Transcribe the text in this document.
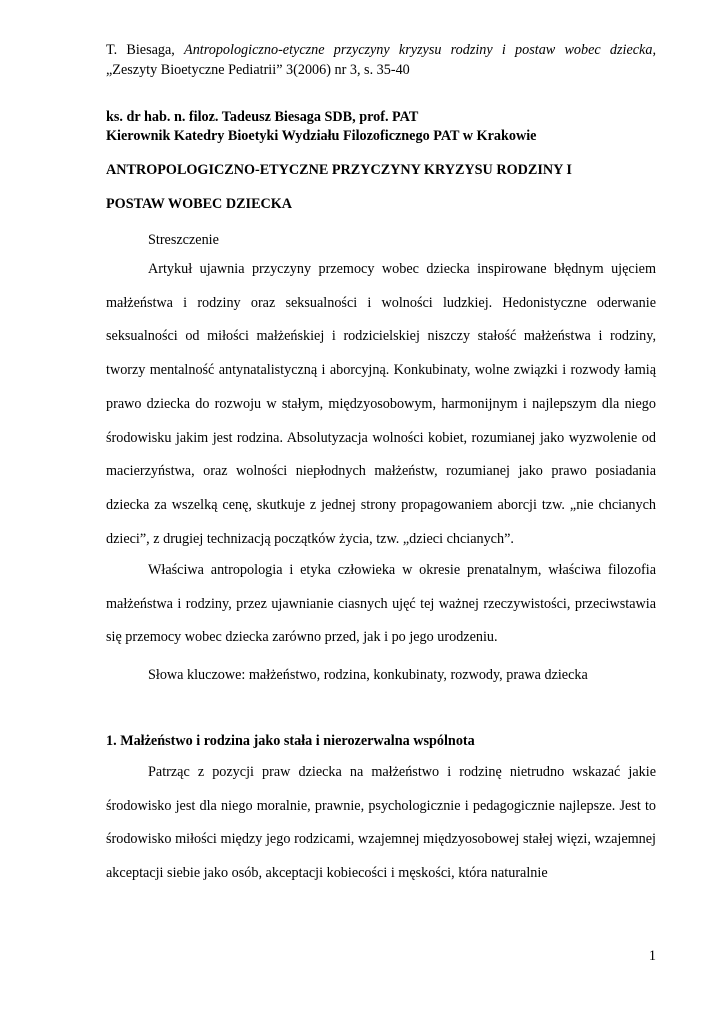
T. Biesaga, Antropologiczno-etyczne przyczyny kryzysu rodziny i postaw wobec dziecka, „Zeszyty Bioetyczne Pediatrii” 3(2006) nr 3, s. 35-40
ks. dr hab. n. filoz. Tadeusz Biesaga SDB, prof. PAT
Kierownik Katedry Bioetyki Wydziału Filozoficznego PAT w Krakowie
ANTROPOLOGICZNO-ETYCZNE PRZYCZYNY KRYZYSU RODZINY I
POSTAW WOBEC DZIECKA
Streszczenie

Artykuł ujawnia przyczyny przemocy wobec dziecka inspirowane błędnym ujęciem małżeństwa i rodziny oraz seksualności i wolności ludzkiej. Hedonistyczne oderwanie seksualności od miłości małżeńskiej i rodzicielskiej niszczy stałość małżeństwa i rodziny, tworzy mentalność antynatalistyczną i aborcyjną. Konkubinaty, wolne związki i rozwody łamią prawo dziecka do rozwoju w stałym, międzyosobowym, harmonijnym i najlepszym dla niego środowisku jakim jest rodzina. Absolutyzacja wolności kobiet, rozumianej jako wyzwolenie od macierzyństwa, oraz wolności niepłodnych małżeństw, rozumianej jako prawo posiadania dziecka za wszelką cenę, skutkuje z jednej strony propagowaniem aborcji tzw. „nie chcianych dzieci”, z drugiej technizacją początków życia, tzw. „dzieci chcianych”.

Właściwa antropologia i etyka człowieka w okresie prenatalnym, właściwa filozofia małżeństwa i rodziny, przez ujawnianie ciasnych ujęć tej ważnej rzeczywistości, przeciwstawia się przemocy wobec dziecka zarówno przed, jak i po jego urodzeniu.

Słowa kluczowe: małżeństwo, rodzina, konkubinaty, rozwody, prawa dziecka
1. Małżeństwo i rodzina jako stała i nierozerwalna wspólnota

Patrząc z pozycji praw dziecka na małżeństwo i rodzinę nietrudno wskazać jakie środowisko jest dla niego moralnie, prawnie, psychologicznie i pedagogicznie najlepsze. Jest to środowisko miłości między jego rodzicami, wzajemnej międzyosobowej stałej więzi, wzajemnej akceptacji siebie jako osób, akceptacji kobiecości i męskości, która naturalnie

1
